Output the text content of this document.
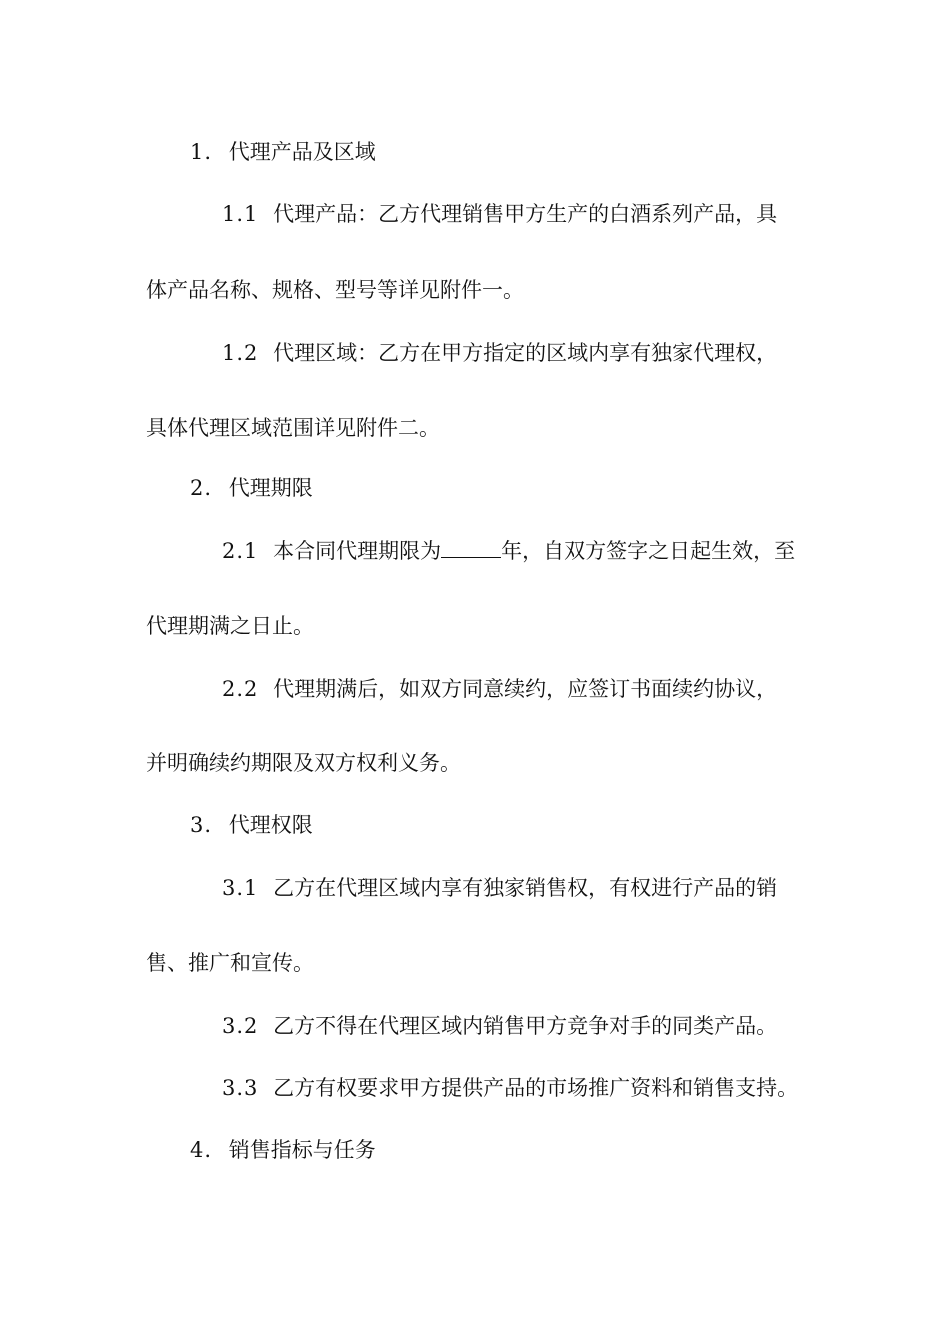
1. 代理产品及区域
1.1 代理产品：乙方代理销售甲方生产的白酒系列产品，具
体产品名称、规格、型号等详见附件一。
1.2 代理区域：乙方在甲方指定的区域内享有独家代理权，
具体代理区域范围详见附件二。
2. 代理期限
2.1 本合同代理期限为	年，自双方签字之日起生效，至
代理期满之日止。
2.2 代理期满后，如双方同意续约，应签订书面续约协议，
并明确续约期限及双方权利义务。
3. 代理权限
3.1 乙方在代理区域内享有独家销售权，有权进行产品的销
售、推广和宣传。
3.2 乙方不得在代理区域内销售甲方竞争对手的同类产品。
3.3 乙方有权要求甲方提供产品的市场推广资料和销售支持。
4. 销售指标与任务
